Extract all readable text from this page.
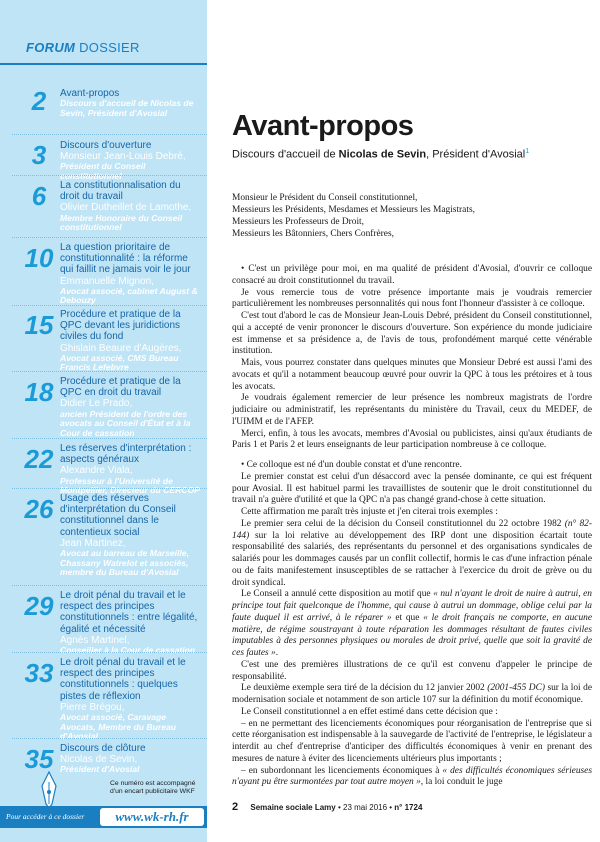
FORUM DOSSIER
2	Avant-propos
Discours d'accueil de Nicolas de Sevin, Président d'Avosial
3	Discours d'ouverture
Monsieur Jean-Louis Debré,
Président du Conseil constitutionnel
6	La constitutionnalisation du droit du travail
Olivier Dutheillet de Lamothe,
Membre Honoraire du Conseil constitutionnel
10 La question prioritaire de constitutionnalité : la réforme qui faillit ne jamais voir le jour
Emmanuelle Mignon,
Avocat associé, cabinet August & Debouzy
15 Procédure et pratique de la QPC devant les juridictions civiles du fond
Ghislain Beaure d'Augères,
Avocat associé, CMS Bureau Francis Lefebvre
18 Procédure et pratique de la QPC en droit du travail
Didier Le Prado,
ancien Président de l'ordre des avocats au Conseil d'État et à la Cour de cassation
22 Les réserves d'interprétation : aspects généraux
Alexandre Viala,
Professeur à l'Université de Montpellier, Directeur du CERCOP
26 Usage des réserves d'interprétation du Conseil constitutionnel dans le contentieux social
Jean Martinez,
Avocat au barreau de Marseille, Chassany Watrelot et associés, membre du Bureau d'Avosial
29 Le droit pénal du travail et le respect des principes constitutionnels : entre légalité, égalité et nécessité
Agnès Martinel,
Conseiller à la Cour de cassation
33 Le droit pénal du travail et le respect des principes constitutionnels : quelques pistes de réflexion
Pierre Brégou,
Avocat associé, Caravage Avocats, Membre du Bureau d'Avosial
35 Discours de clôture
Nicolas de Sevin,
Président d'Avosial
Ce numéro est accompagné d'un encart publicitaire WKF
Pour accéder à ce dossier	www.wk-rh.fr
Avant-propos
Discours d'accueil de Nicolas de Sevin, Président d'Avosial$^1$
Monsieur le Président du Conseil constitutionnel,
Messieurs les Présidents, Mesdames et Messieurs les Magistrats,
Messieurs les Professeurs de Droit,
Messieurs les Bâtonniers, Chers Confrères,

• C'est un privilège pour moi, en ma qualité de président d'Avosial, d'ouvrir ce colloque consacré au droit constitutionnel du travail.

Je vous remercie tous de votre présence importante mais je voudrais remercier particulièrement les nombreuses personnalités qui nous font l'honneur d'assister à ce colloque.

C'est tout d'abord le cas de Monsieur Jean-Louis Debré, président du Conseil constitutionnel, qui a accepté de venir prononcer le discours d'ouverture. Son expérience du monde judiciaire est immense et sa présidence a, de l'avis de tous, profondément marqué cette vénérable institution.

Mais, vous pourrez constater dans quelques minutes que Monsieur Debré est aussi l'ami des avocats et qu'il a notamment beaucoup œuvré pour ouvrir la QPC à tous les prétoires et à tous les avocats.

Je voudrais également remercier de leur présence les nombreux magistrats de l'ordre judiciaire ou administratif, les représentants du ministère du Travail, ceux du MEDEF, de l'UIMM et de l'AFEP.

Merci, enfin, à tous les avocats, membres d'Avosial ou publicistes, ainsi qu'aux étudiants de Paris 1 et Paris 2 et leurs enseignants de leur participation nombreuse à ce colloque.

• Ce colloque est né d'un double constat et d'une rencontre.

Le premier constat est celui d'un désaccord avec la pensée dominante, ce qui est fréquent pour Avosial. Il est habituel parmi les travaillistes de soutenir que le droit constitutionnel du travail n'a guère d'utilité et que la QPC n'a pas changé grand-chose à cette situation.

Cette affirmation me paraît très injuste et j'en citerai trois exemples :

Le premier sera celui de la décision du Conseil constitutionnel du 22 octobre 1982 (n° 82-144) sur la loi relative au développement des IRP dont une disposition écartait toute responsabilité des salariés, des représentants du personnel et des organisations syndicales de salariés pour les dommages causés par un conflit collectif, hormis le cas d'une infraction pénale ou de faits manifestement insusceptibles de se rattacher à l'exercice du droit de grève ou du droit syndical.

Le Conseil a annulé cette disposition au motif que « nul n'ayant le droit de nuire à autrui, en principe tout fait quelconque de l'homme, qui cause à autrui un dommage, oblige celui par la faute duquel il est arrivé, à le réparer » et que « le droit français ne comporte, en aucune matière, de régime soustrayant à toute réparation les dommages résultant de fautes civiles imputables à des personnes physiques ou morales de droit privé, quelle que soit la gravité de ces fautes ».

C'est une des premières illustrations de ce qu'il est convenu d'appeler le principe de responsabilité.

Le deuxième exemple sera tiré de la décision du 12 janvier 2002 (2001-455 DC) sur la loi de modernisation sociale et notamment de son article 107 sur la définition du motif économique.

Le Conseil constitutionnel a en effet estimé dans cette décision que :

– en ne permettant des licenciements économiques pour réorganisation de l'entreprise que si cette réorganisation est indispensable à la sauvegarde de l'activité de l'entreprise, le législateur a interdit au chef d'entreprise d'anticiper des difficultés économiques à venir en prenant des mesures de nature à éviter des licenciements ultérieurs plus importants ;

– en subordonnant les licenciements économiques à « des difficultés économiques sérieuses n'ayant pu être surmontées par tout autre moyen », la loi conduit le juge

2 Semaine sociale Lamy • 23 mai 2016 • n° 1724
